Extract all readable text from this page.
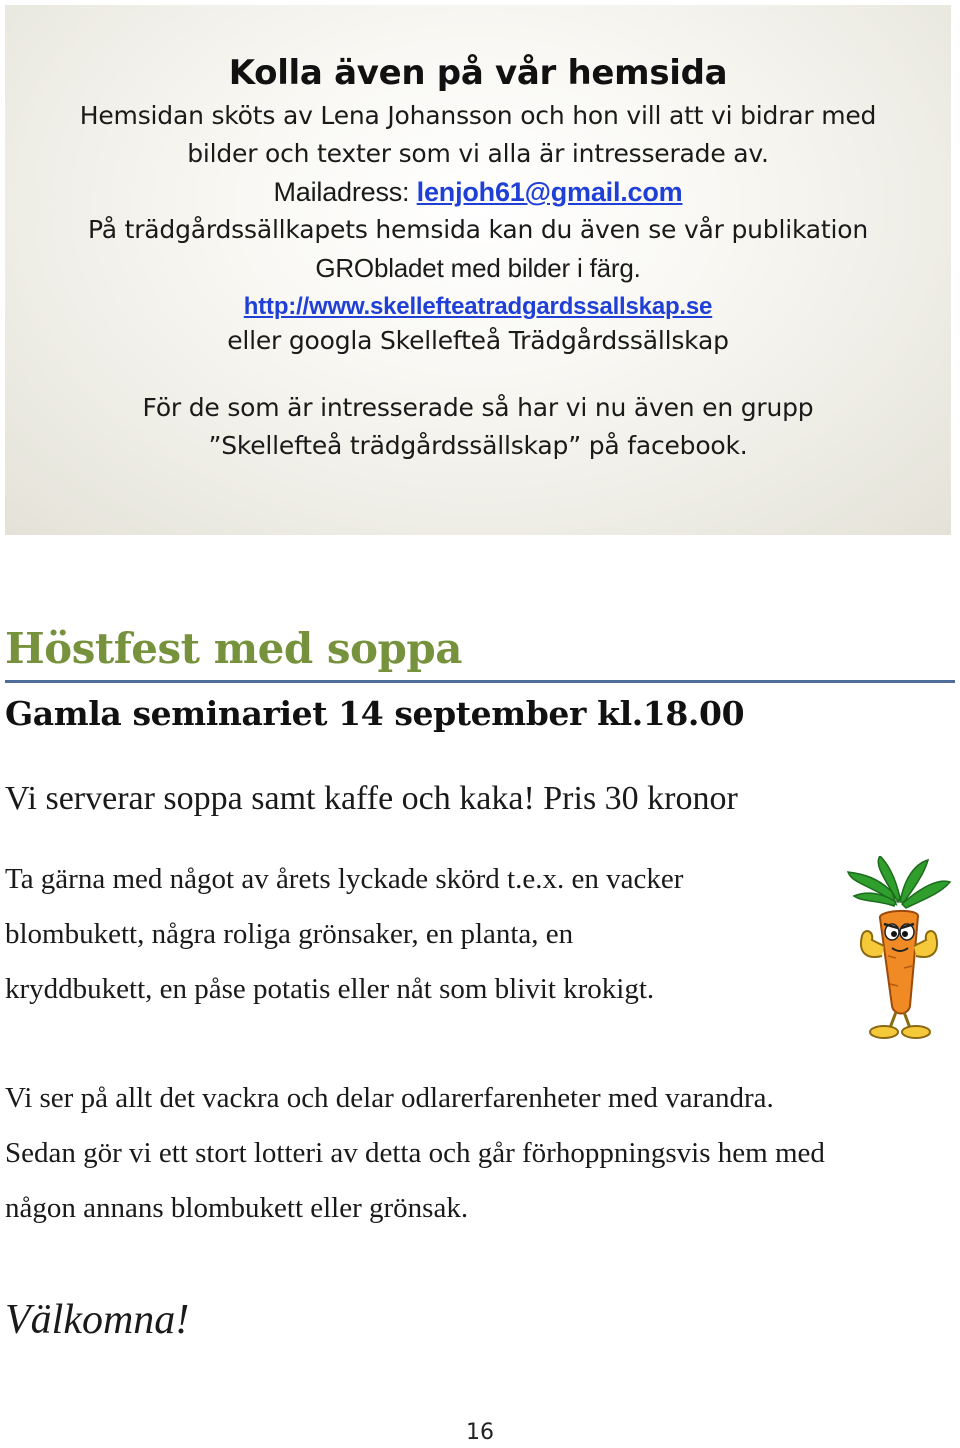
Kolla även på vår hemsida
Hemsidan sköts av Lena Johansson och hon vill att vi bidrar med
bilder och texter som vi alla är intresserade av.
Mailadress: lenjoh61@gmail.com
På trädgårdssällkapets hemsida kan du även se vår publikation
GRObladet med bilder i färg.
http://www.skelleftеatradgardssallskap.se
eller googla Skellefteå Trädgårdssällskap
För de som är intresserade så har vi nu även en grupp
”Skellefteå trädgårdssällskap” på facebook.
Höstfest med soppa
Gamla seminariet 14 september kl.18.00
Vi serverar soppa samt kaffe och kaka! Pris 30 kronor
Ta gärna med något av årets lyckade skörd t.e.x. en vacker
blombukett, några roliga grönsaker, en planta, en
kryddbukett, en påse potatis eller nåt som blivit krokigt.
Vi ser på allt det vackra och delar odlarerfarenheter med varandra.
Sedan gör vi ett stort lotteri av detta och går förhoppningsvis hem med
någon annans blombukett eller grönsak.
Välkomna!
16
